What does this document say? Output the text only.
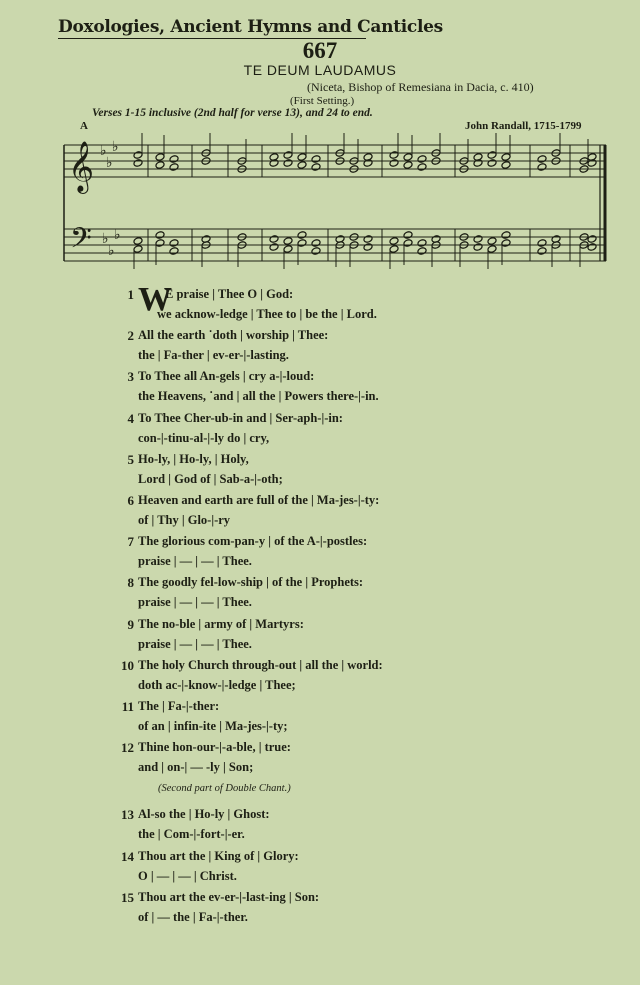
Doxologies, Ancient Hymns and Canticles
667
TE DEUM LAUDAMUS
(Niceta, Bishop of Remesiana in Dacia, c. 410)
(First Setting.)
Verses 1-15 inclusive (2nd half for verse 13), and 24 to end.
A	John Randall, 1715-1799
𝄞
𝄢
♭
♭
♭
♭
♭
♭
1 W
E praise | Thee O | God:
we acknow-ledge | Thee to | be the | Lord.
2 All the earth ˙doth | worship | Thee:
the | Fa-ther | ev-er-|-lasting.
3 To Thee all An-gels | cry a-|-loud:
the Heavens, ˙and | all the | Powers there-|-in.
4 To Thee Cher-ub-in and | Ser-aph-|-in:
con-|-tinu-al-|-ly do | cry,
5 Ho-ly, | Ho-ly, | Holy,
Lord | God of | Sab-a-|-oth;
6 Heaven and earth are full of the | Ma-jes-|-ty:
of | Thy | Glo-|-ry
7 The glorious com-pan-y | of the A-|-postles:
praise | — | — | Thee.
8 The goodly fel-low-ship | of the | Prophets:
praise | — | — | Thee.
9 The no-ble | army of | Martyrs:
praise | — | — | Thee.
10 The holy Church through-out | all the | world:
doth ac-|-know-|-ledge | Thee;
11 The | Fa-|-ther:
of an | infin-ite | Ma-jes-|-ty;
12 Thine hon-our-|-a-ble, | true:
and | on-| — -ly | Son;
13 Al-so the | Ho-ly | Ghost:
the | Com-|-fort-|-er.
14 Thou art the | King of | Glory:
O | — | — | Christ.
15 Thou art the ev-er-|-last-ing | Son:
of | — the | Fa-|-ther.
(Second part of Double Chant.)
